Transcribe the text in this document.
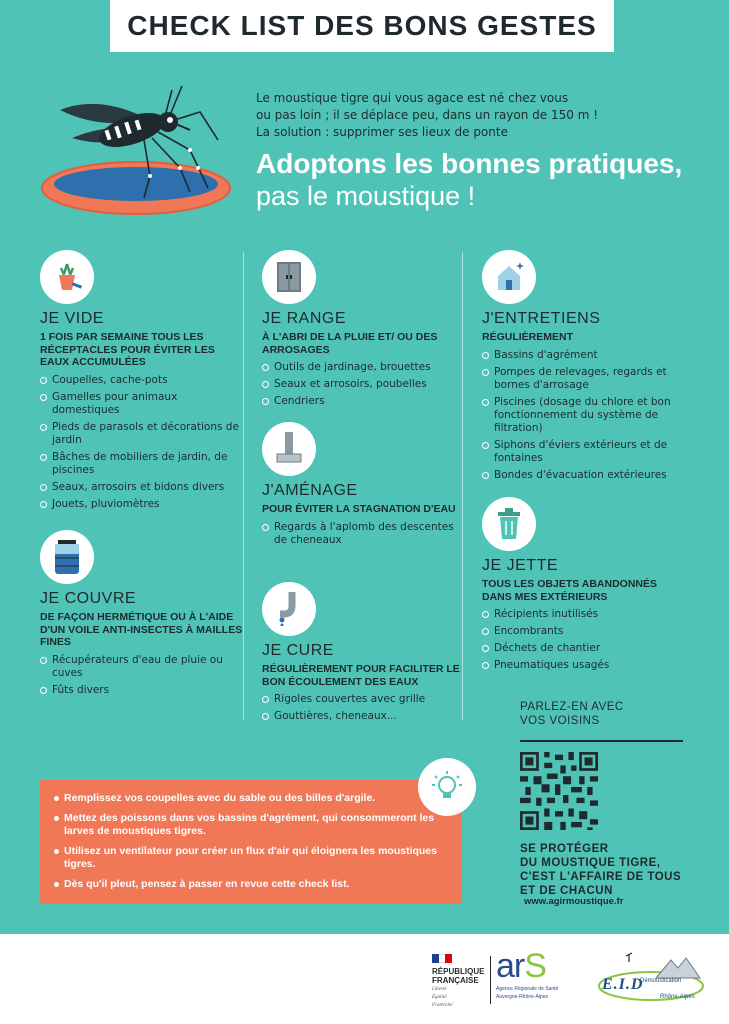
CHECK LIST DES BONS GESTES

Le moustique tigre qui vous agace est né chez vous

ou pas loin ; il se déplace peu, dans un rayon de 150 m !

La solution : supprimer ses lieux de ponte

Adoptons les bonnes pratiques,
pas le moustique !
JE VIDE
1 FOIS PAR SEMAINE TOUS LES RÉCEPTACLES POUR ÉVITER LES EAUX ACCUMULÉES
Coupelles, cache-pots
Gamelles pour animaux domestiques
Pieds de parasols et décorations de jardin
Bâches de mobiliers de jardin, de piscines
Seaux, arrosoirs et bidons divers
Jouets, pluviomètres
JE COUVRE
DE FAÇON HERMÉTIQUE OU À L'AIDE D'UN VOILE ANTI-INSECTES À MAILLES FINES
Récupérateurs d'eau de pluie ou cuves
Fûts divers
JE RANGE
À L'ABRI DE LA PLUIE ET/ OU DES ARROSAGES
Outils de jardinage, brouettes
Seaux et arrosoirs, poubelles
Cendriers
J'AMÉNAGE
POUR ÉVITER LA STAGNATION D'EAU
Regards à l'aplomb des descentes de cheneaux
JE CURE
RÉGULIÈREMENT POUR FACILITER LE BON ÉCOULEMENT DES EAUX
Rigoles couvertes avec grille
Gouttières, cheneaux...
J'ENTRETIENS
RÉGULIÈREMENT
Bassins d'agrément
Pompes de relevages, regards et bornes d'arrosage
Piscines (dosage du chlore et bon fonctionnement du système de filtration)
Siphons d'éviers extérieurs et de fontaines
Bondes d'évacuation extérieures
JE JETTE
TOUS LES OBJETS ABANDONNÉS DANS MES EXTÉRIEURS
Récipients inutilisés
Encombrants
Déchets de chantier
Pneumatiques usagés
Remplissez vos coupelles avec du sable ou des billes d'argile.
Mettez des poissons dans vos bassins d'agrément, qui consommeront les larves de moustiques tigres.
Utilisez un ventilateur pour créer un flux d'air qui éloignera les moustiques tigres.
Dès qu'il pleut, pensez à passer en revue cette check list.
PARLEZ-EN AVEC
VOS VOISINS
SE PROTÉGER
DU MOUSTIQUE TIGRE,
C'EST L'AFFAIRE DE TOUS
ET DE CHACUN
www.agirmoustique.fr
RÉPUBLIQUE
FRANÇAISE
Liberté
Égalité
Fraternité
arS
Agence Régionale de Santé
Auvergne-Rhône-Alpes
E.I.D
Démoustication
Rhône-Alpes
